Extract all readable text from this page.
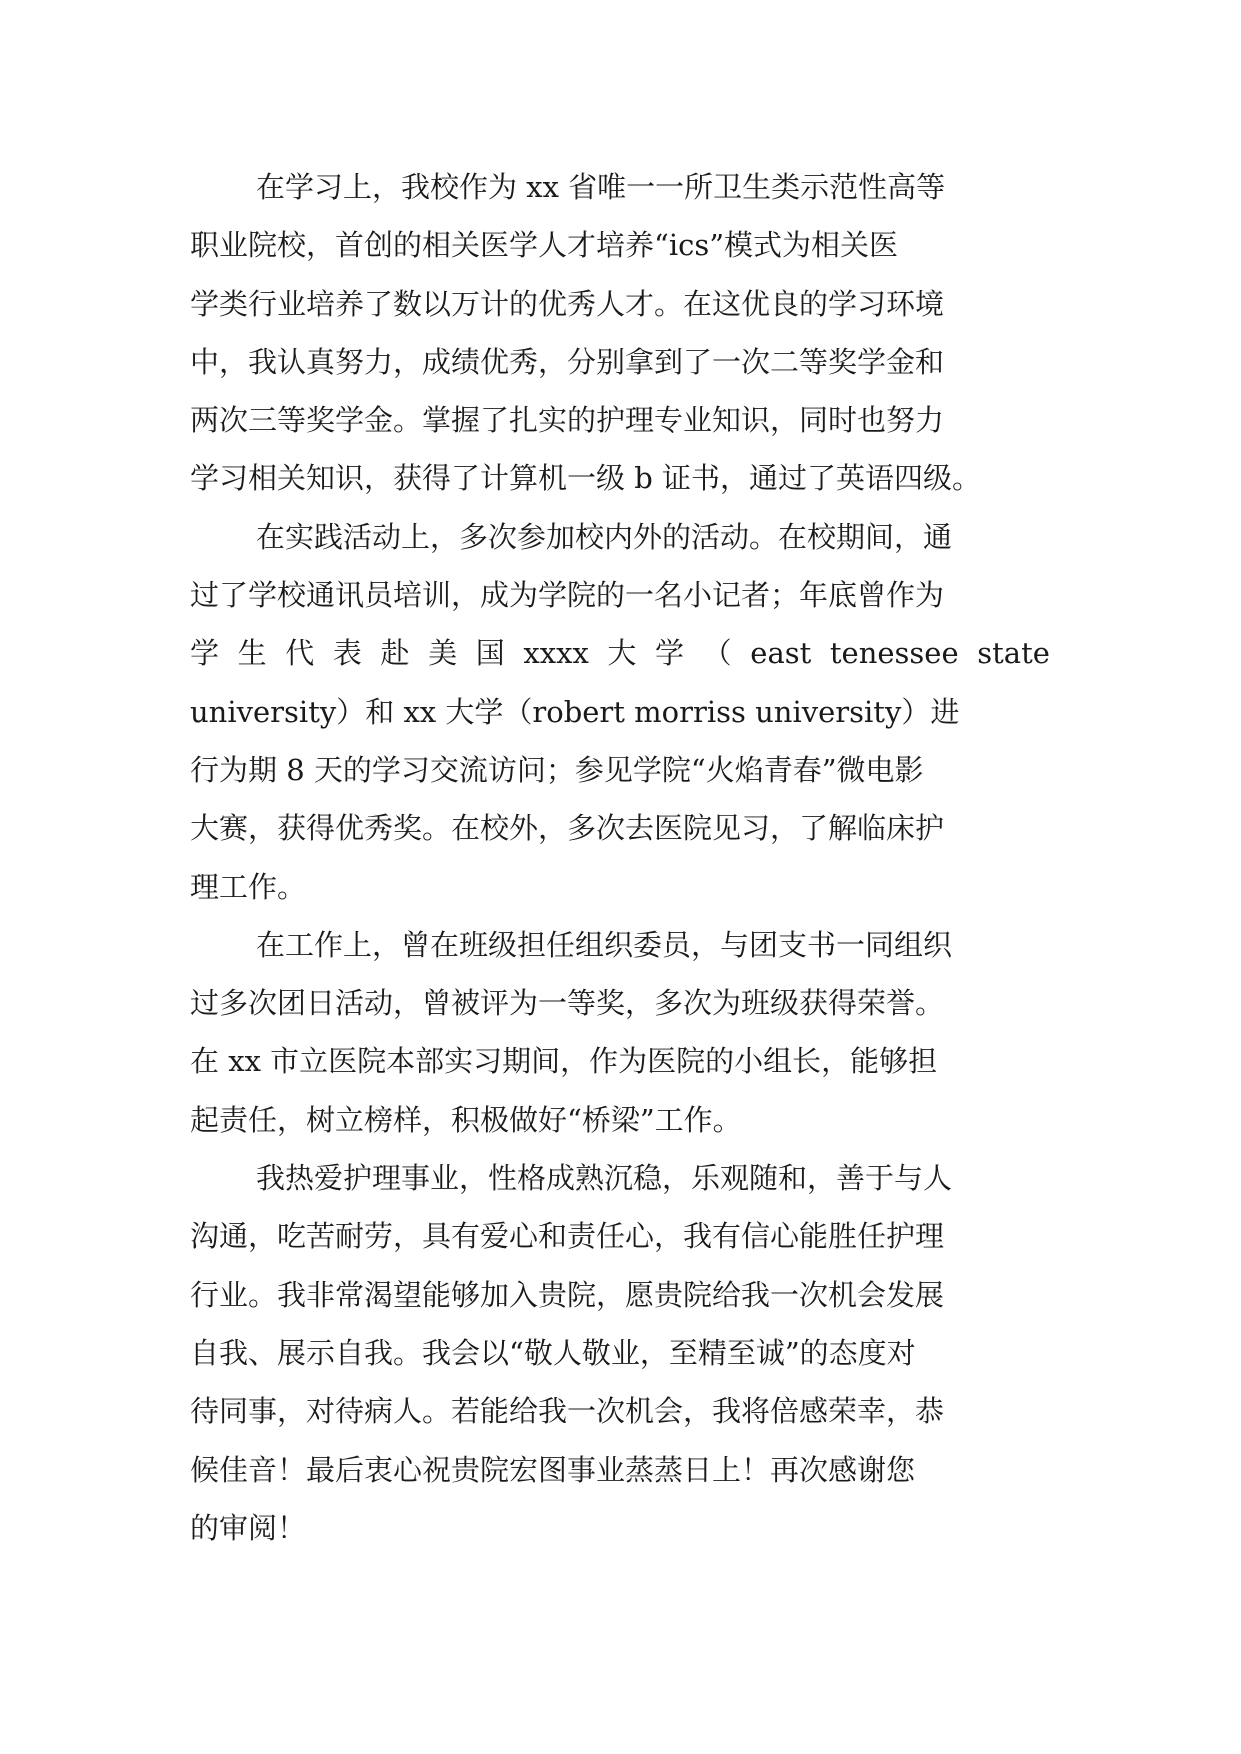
在学习上，我校作为 xx 省唯一一所卫生类示范性高等
职业院校，首创的相关医学人才培养“ics”模式为相关医
学类行业培养了数以万计的优秀人才。在这优良的学习环境
中，我认真努力，成绩优秀，分别拿到了一次二等奖学金和
两次三等奖学金。掌握了扎实的护理专业知识，同时也努力
学习相关知识，获得了计算机一级 b 证书，通过了英语四级。
在实践活动上，多次参加校内外的活动。在校期间，通
过了学校通讯员培训，成为学院的一名小记者；年底曾作为
学 生 代 表 赴 美 国 xxxx 大 学 （ east tenessee state
university）和 xx 大学（robert morriss university）进
行为期 8 天的学习交流访问；参见学院“火焰青春”微电影
大赛，获得优秀奖。在校外，多次去医院见习，了解临床护
理工作。
在工作上，曾在班级担任组织委员，与团支书一同组织
过多次团日活动，曾被评为一等奖，多次为班级获得荣誉。
在 xx 市立医院本部实习期间，作为医院的小组长，能够担
起责任，树立榜样，积极做好“桥梁”工作。
我热爱护理事业，性格成熟沉稳，乐观随和，善于与人
沟通，吃苦耐劳，具有爱心和责任心，我有信心能胜任护理
行业。我非常渴望能够加入贵院，愿贵院给我一次机会发展
自我、展示自我。我会以“敬人敬业，至精至诚”的态度对
待同事，对待病人。若能给我一次机会，我将倍感荣幸，恭
候佳音！最后衷心祝贵院宏图事业蒸蒸日上！再次感谢您
的审阅！
